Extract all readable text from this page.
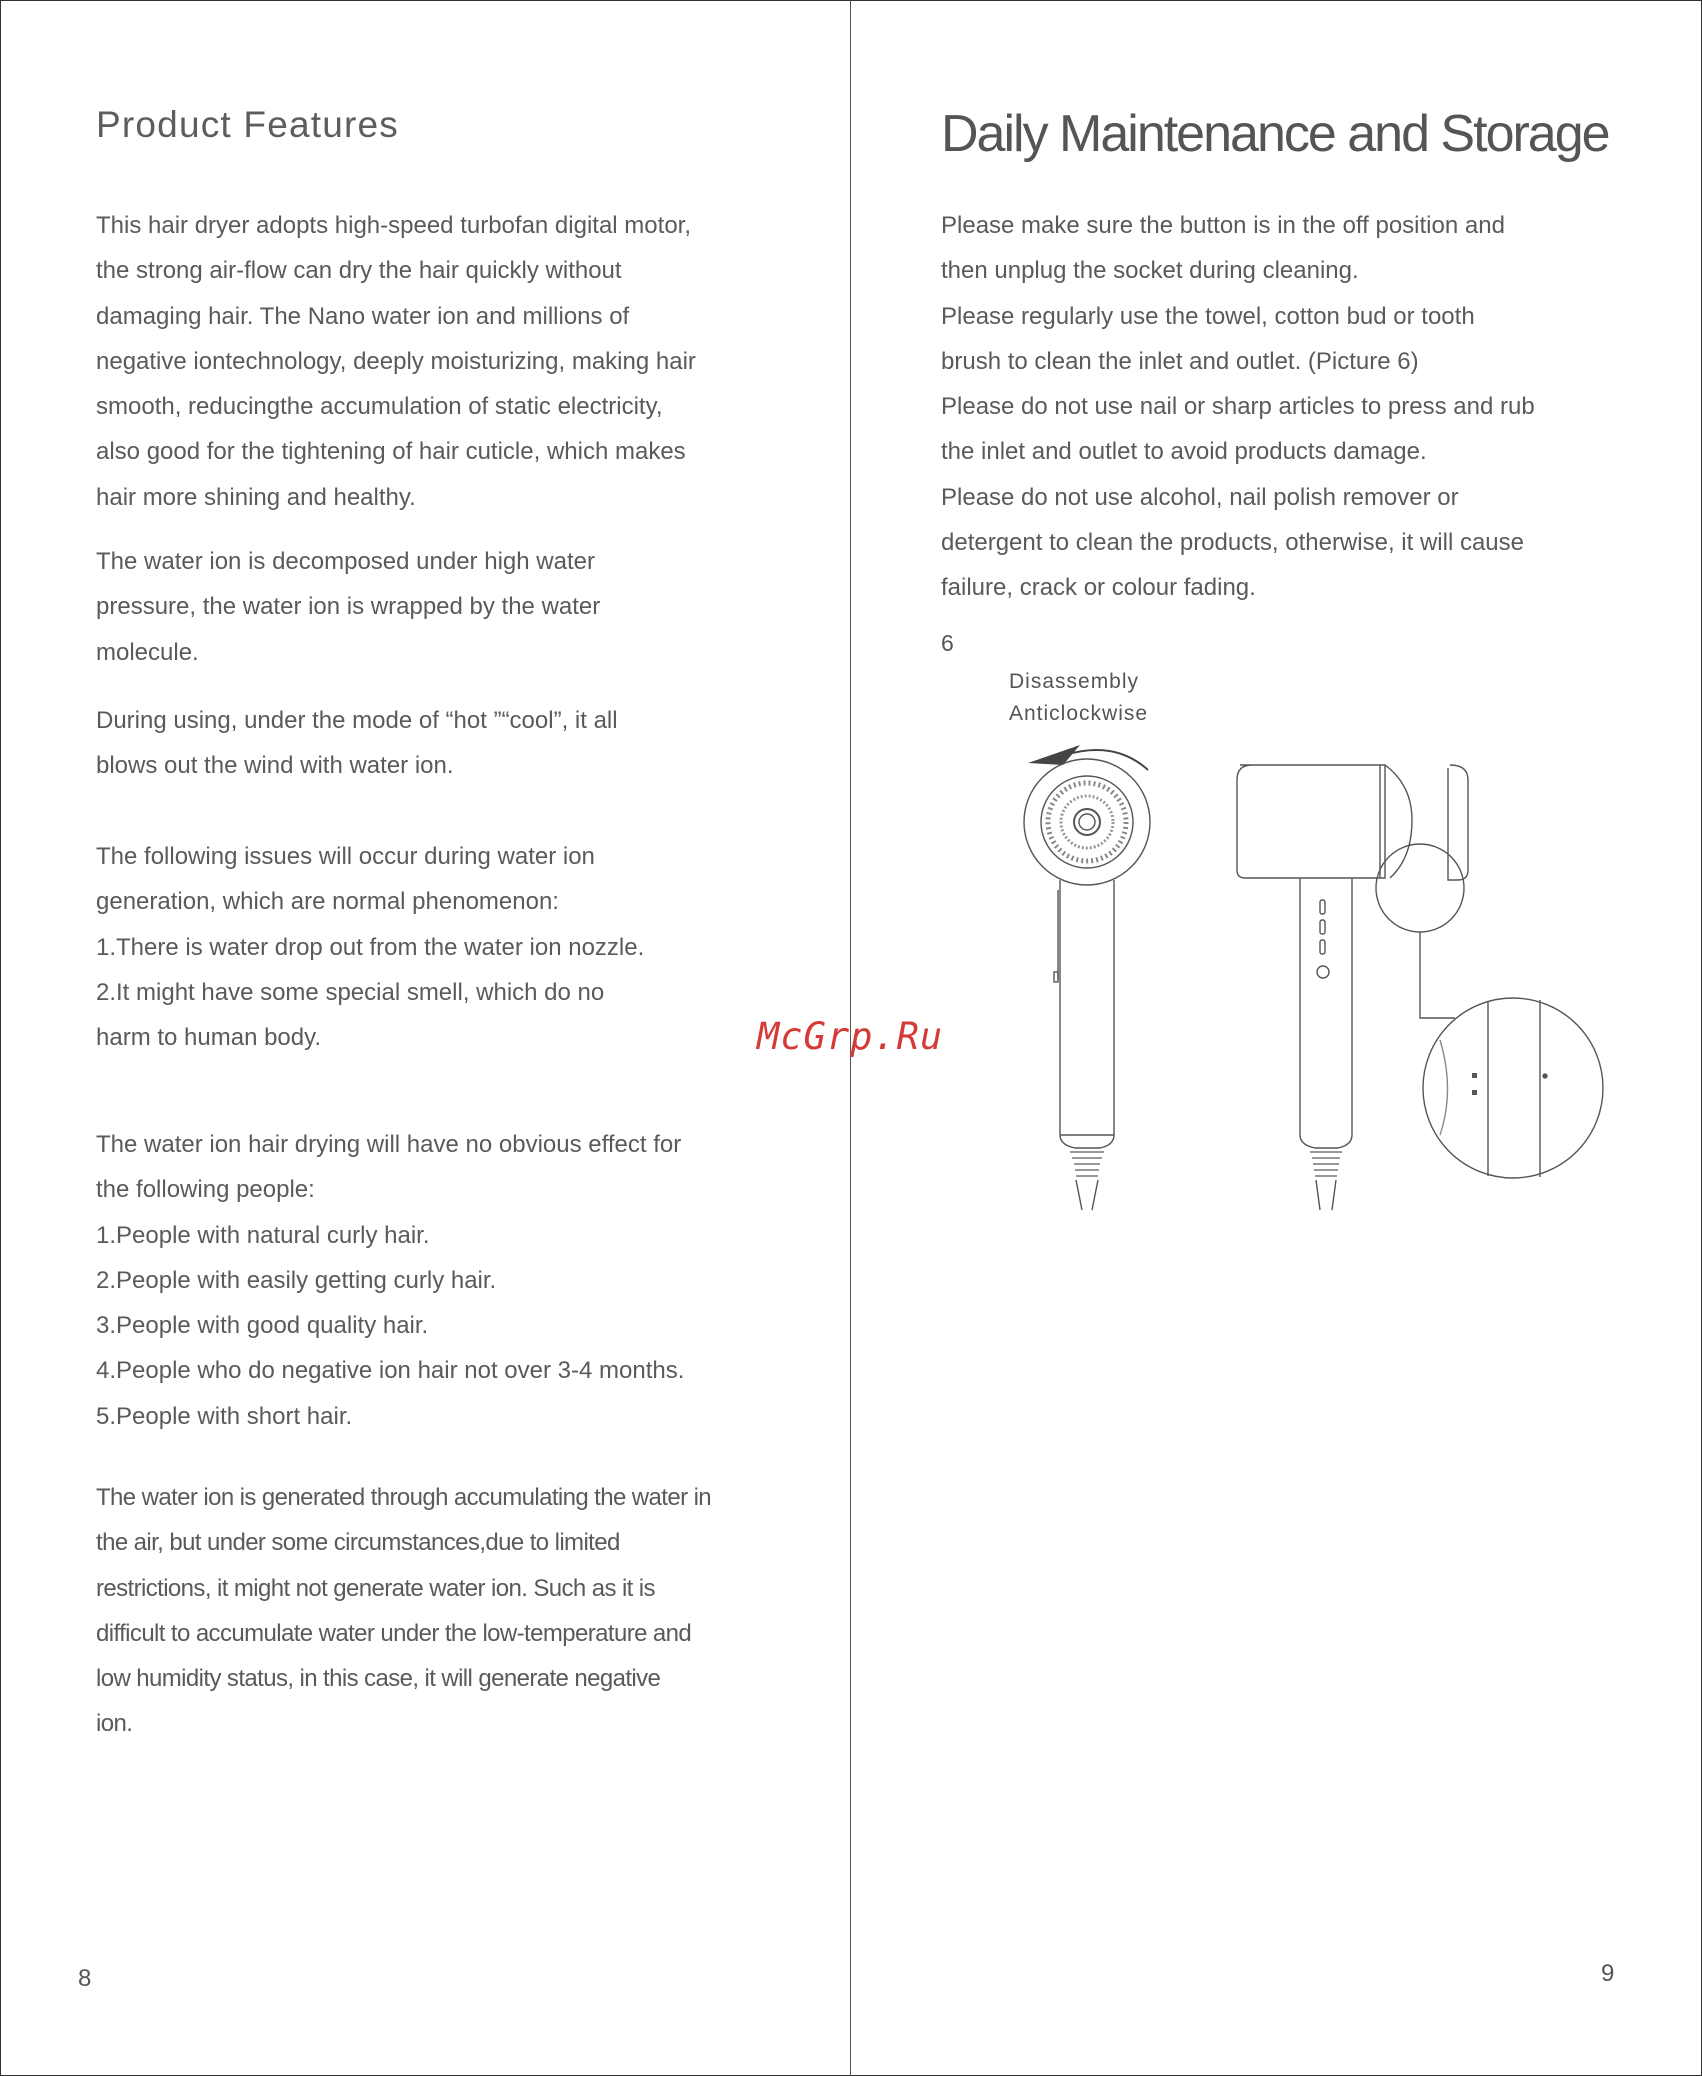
Product Features

This hair dryer adopts high-speed turbofan digital motor,
the strong air-flow can dry the hair quickly without
damaging hair. The Nano water ion and millions of
negative iontechnology, deeply moisturizing, making hair
smooth, reducingthe accumulation of static electricity,
also good for the tightening of hair cuticle, which makes
hair more shining and healthy.

The water ion is decomposed under high water
pressure, the water ion is wrapped by the water
molecule.

During using, under the mode of “hot ”“cool”, it all
blows out the wind with water ion.

The following issues will occur during water ion
generation, which are normal phenomenon:
1.There is water drop out from the water ion nozzle.
2.It might have some special smell, which do no
harm to human body.

The water ion hair drying will have no obvious effect for
the following people:
1.People with natural curly hair.
2.People with easily getting curly hair.
3.People with good quality hair.
4.People who do negative ion hair not over 3-4 months.
5.People with short hair.

The water ion is generated through accumulating the water in
the air, but under some circumstances,due to limited
restrictions, it might not generate water ion. Such as it is
difficult to accumulate water under the low-temperature and
low humidity status, in this case, it will generate negative
ion.

8
Daily Maintenance and Storage

Please make sure the button is in the off position and
then unplug the socket during cleaning.
Please regularly use the towel, cotton bud or tooth
brush to clean the inlet and outlet. (Picture 6)
Please do not use nail or sharp articles to press and rub
the inlet and outlet to avoid products damage.
Please do not use alcohol, nail polish remover or
detergent to clean the products, otherwise, it will cause
failure, crack or colour fading.

6
Disassembly
Anticlockwise
9
McGrp.Ru
